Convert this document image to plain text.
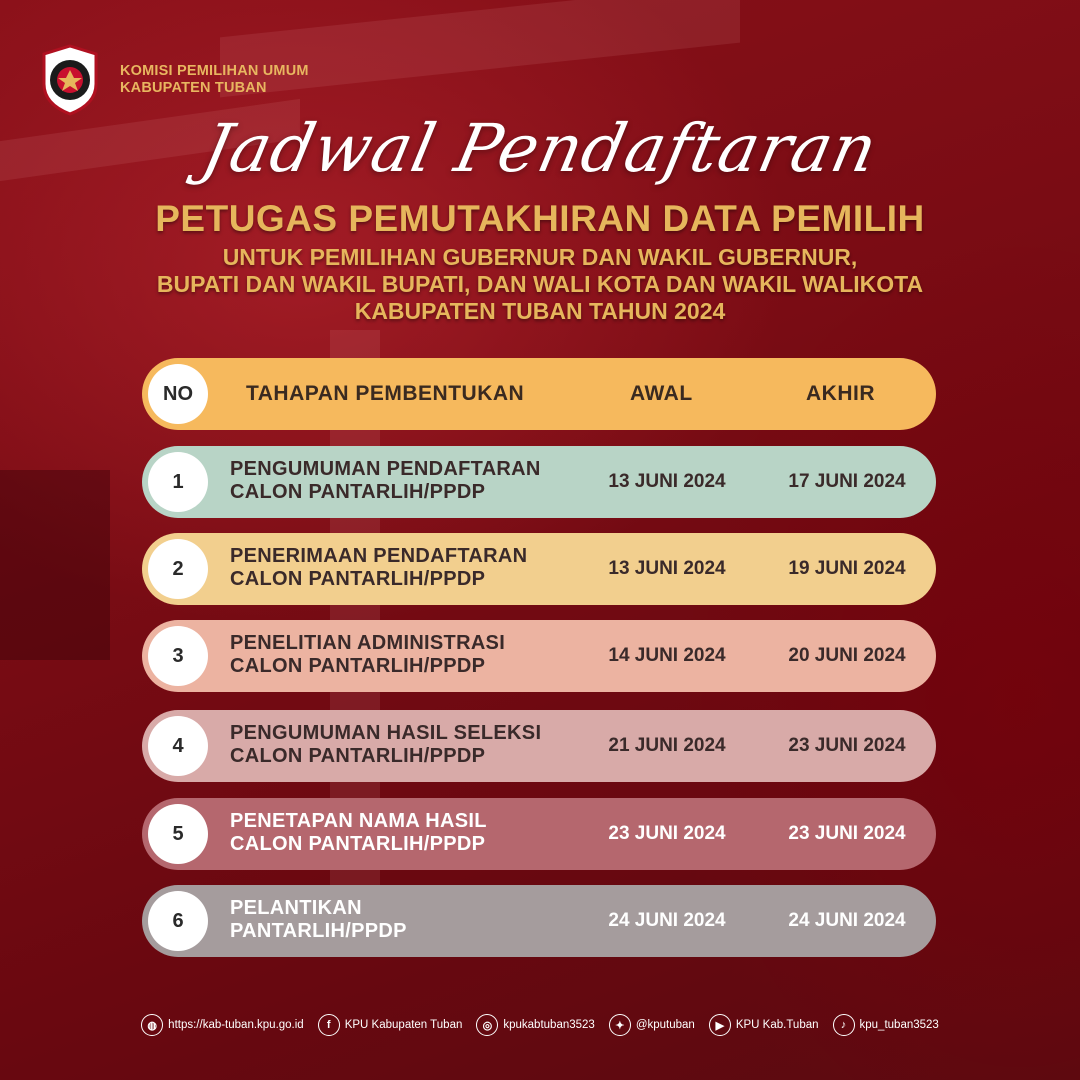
KOMISI PEMILIHAN UMUM
KABUPATEN TUBAN
Jadwal Pendaftaran
PETUGAS PEMUTAKHIRAN DATA PEMILIH
UNTUK PEMILIHAN GUBERNUR DAN WAKIL GUBERNUR,
BUPATI DAN WAKIL BUPATI, DAN WALI KOTA DAN WAKIL WALIKOTA
KABUPATEN TUBAN TAHUN 2024
NO	TAHAPAN PEMBENTUKAN	AWAL	AKHIR
1
PENGUMUMAN PENDAFTARAN
CALON PANTARLIH/PPDP	13 JUNI 2024	17 JUNI 2024
2
PENERIMAAN PENDAFTARAN
CALON PANTARLIH/PPDP	13 JUNI 2024	19 JUNI 2024
3
PENELITIAN ADMINISTRASI
CALON PANTARLIH/PPDP	14 JUNI 2024	20 JUNI 2024
4
PENGUMUMAN HASIL SELEKSI
CALON PANTARLIH/PPDP	21 JUNI 2024	23 JUNI 2024
5
PENETAPAN NAMA HASIL
CALON PANTARLIH/PPDP	23 JUNI 2024	23 JUNI 2024
6
PELANTIKAN
PANTARLIH/PPDP	24 JUNI 2024	24 JUNI 2024
◍ https://kab-tuban.kpu.go.id	f	KPU Kabupaten Tuban	◎ kpukabtuban3523	✦ @kputuban	▶	KPU Kab.Tuban	♪	kpu_tuban3523
